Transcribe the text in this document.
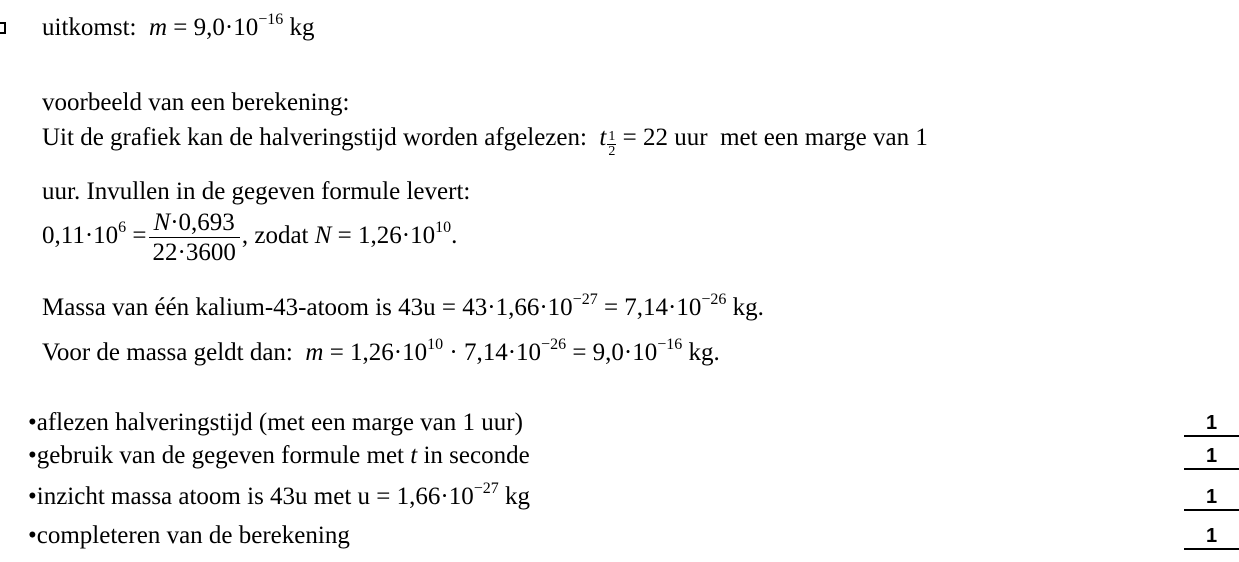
uitkomst: $m = 9,0\cdot 10^{-16}$ kg
voorbeeld van een berekening:
Uit de grafiek kan de halveringstijd worden afgelezen: t $\frac{1}{2} = 22$ uur met een marge van 1
uur. Invullen in de gegeven formule levert:
$0,11\cdot 10^6 = \frac{N\cdot 0,693}{22\cdot 3600}$ , zodat $N = 1,26\cdot 10^{10}$.
Massa van één kalium-43-atoom is $43u = 43\cdot 1,66\cdot 10^{-27} = 7,14\cdot 10^{-26}$ kg.
Voor de massa geldt dan: $m = 1,26\cdot 10^{10} \cdot 7,14\cdot 10^{-26} = 9,0\cdot 10^{-16}$ kg.
•aflezen halveringstijd (met een marge van 1 uur)	1
•gebruik van de gegeven formule met t in seconde	1
•inzicht massa atoom is 43u met $u = 1,66\cdot 10^{-27}$ kg	1
•completeren van de berekening	1
